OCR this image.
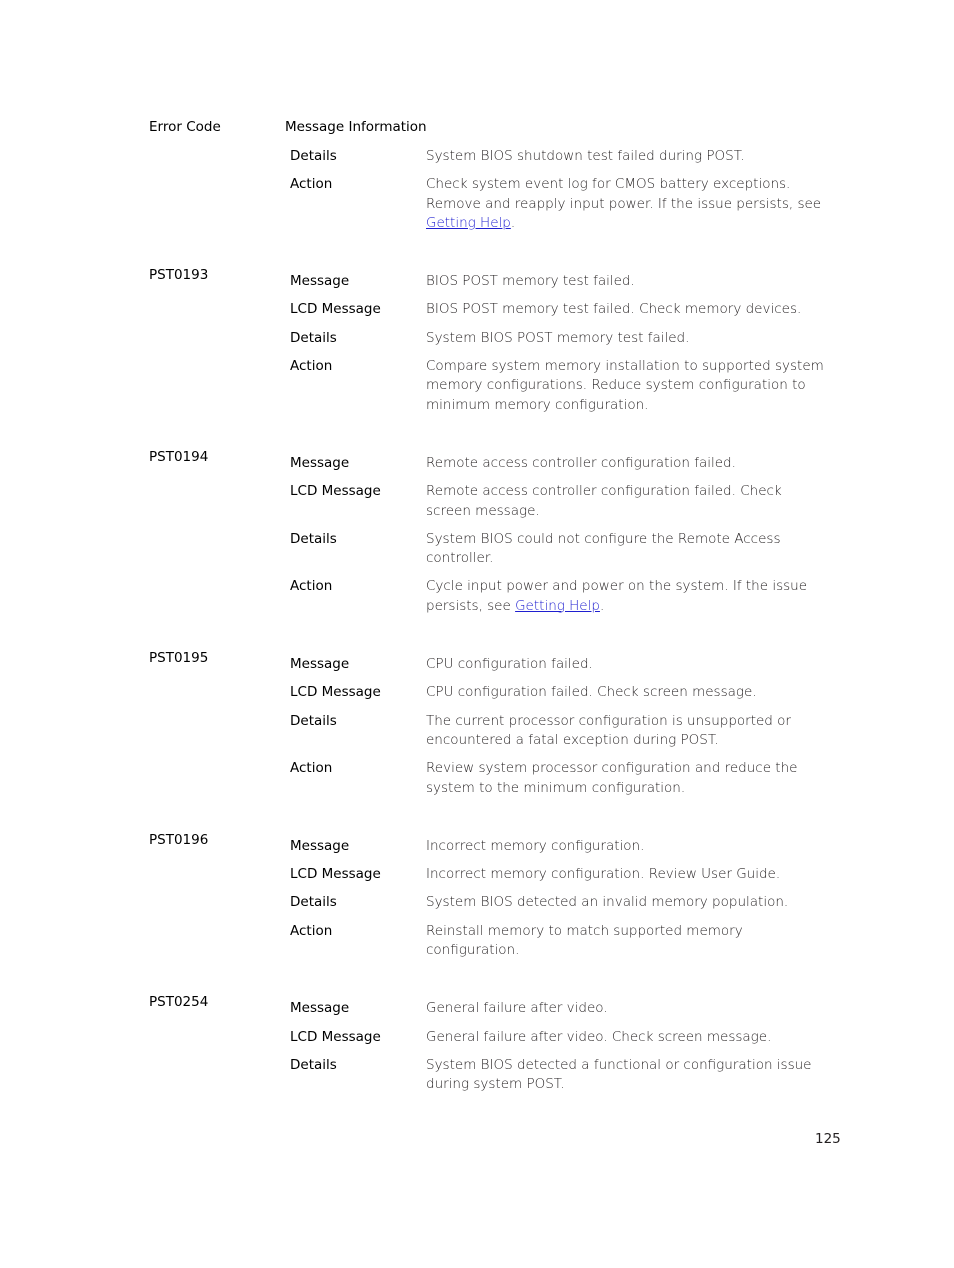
Error Code	Message Information
Details	System BIOS shutdown test failed during POST.
Action	Check system event log for CMOS battery exceptions. Remove and reapply input power. If the issue persists, see Getting Help.
PST0193	Message	BIOS POST memory test failed.
LCD Message	BIOS POST memory test failed. Check memory devices.
Details	System BIOS POST memory test failed.
Action	Compare system memory installation to supported system memory configurations. Reduce system configuration to minimum memory configuration.
PST0194	Message	Remote access controller configuration failed.
LCD Message	Remote access controller configuration failed. Check screen message.
Details	System BIOS could not configure the Remote Access controller.
Action	Cycle input power and power on the system. If the issue persists, see Getting Help.
PST0195	Message	CPU configuration failed.
LCD Message	CPU configuration failed. Check screen message.
Details	The current processor configuration is unsupported or encountered a fatal exception during POST.
Action	Review system processor configuration and reduce the system to the minimum configuration.
PST0196	Message	Incorrect memory configuration.
LCD Message	Incorrect memory configuration. Review User Guide.
Details	System BIOS detected an invalid memory population.
Action	Reinstall memory to match supported memory configuration.
PST0254	Message	General failure after video.
LCD Message	General failure after video. Check screen message.
Details	System BIOS detected a functional or configuration issue during system POST.
125
